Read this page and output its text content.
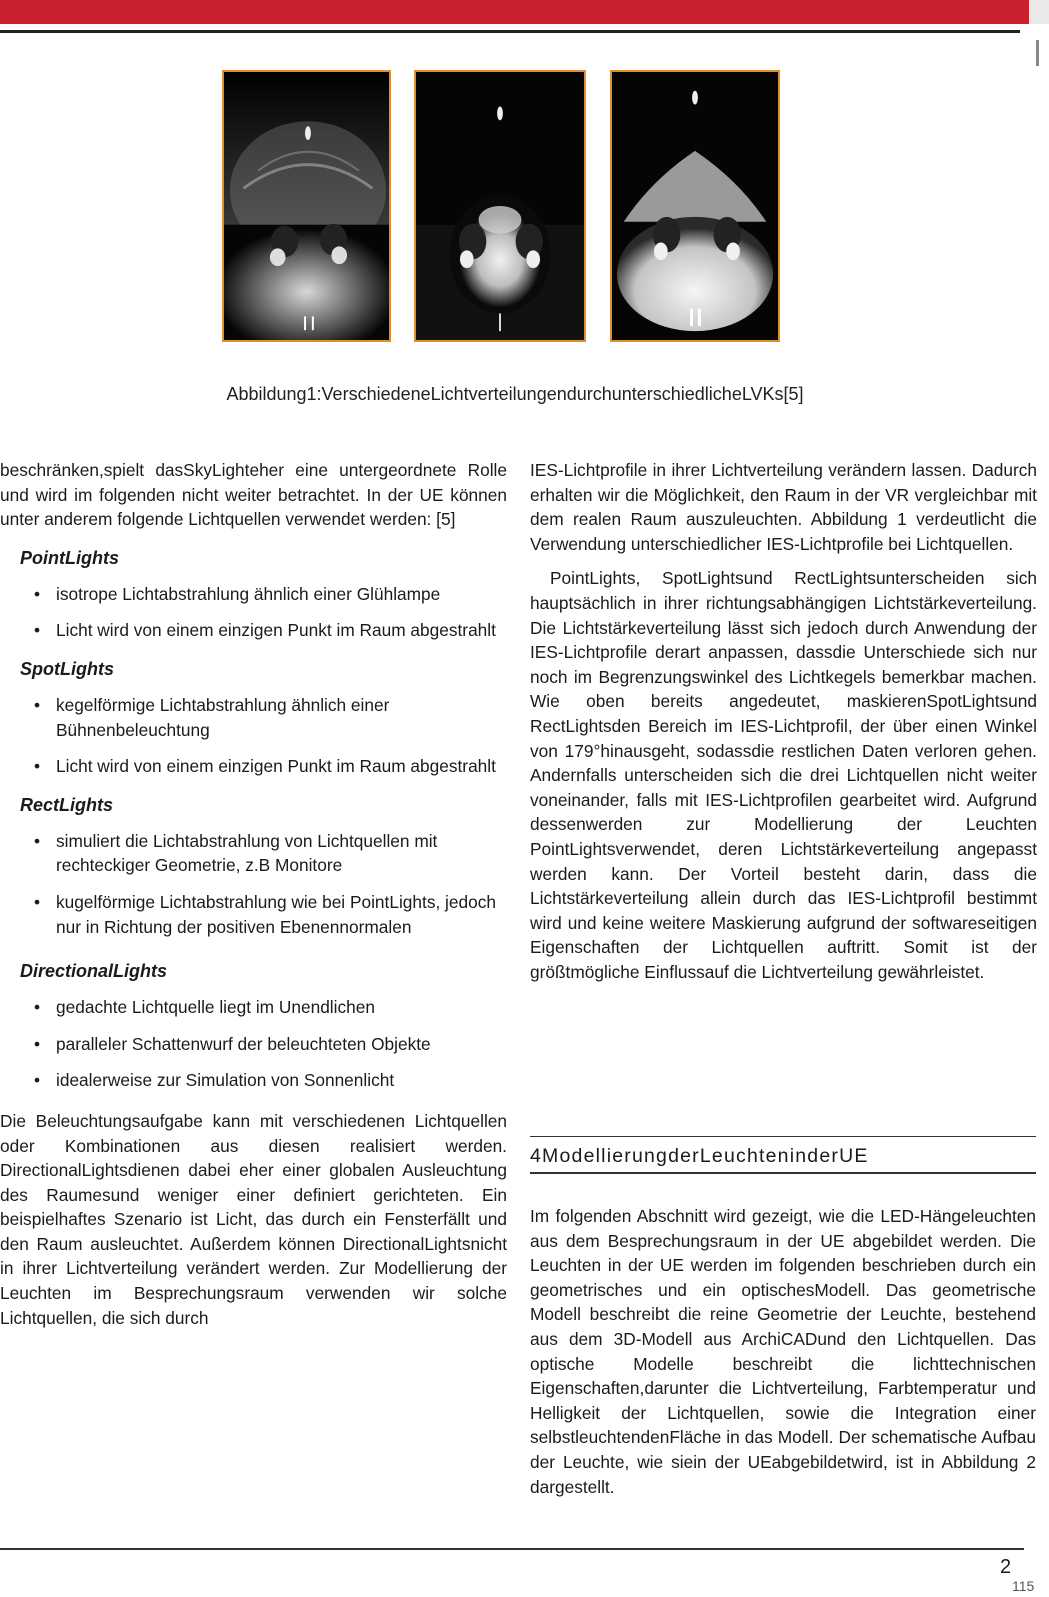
Abbildung1:VerschiedeneLichtverteilungendurchunterschiedlicheLVKs[5]

beschränken,spielt dasSkyLighteher eine untergeordnete Rolle und wird im folgenden nicht weiter betrachtet. In der UE können unter anderem folgende Lichtquellen verwendet werden: [5]

PointLights
• isotrope Lichtabstrahlung ähnlich einer Glühlampe
• Licht wird von einem einzigen Punkt im Raum abgestrahlt
SpotLights
• kegelförmige Lichtabstrahlung ähnlich einer Bühnenbeleuchtung
• Licht wird von einem einzigen Punkt im Raum abgestrahlt
RectLights
• simuliert die Lichtabstrahlung von Lichtquellen mit rechteckiger Geometrie, z.B Monitore
• kugelförmige Lichtabstrahlung wie bei PointLights, jedoch nur in Richtung der positiven Ebenennormalen
DirectionalLights
• gedachte Lichtquelle liegt im Unendlichen
• paralleler Schattenwurf der beleuchteten Objekte
• idealerweise zur Simulation von Sonnenlicht

Die Beleuchtungsaufgabe kann mit verschiedenen Lichtquellen oder Kombinationen aus diesen realisiert werden. DirectionalLightsdienen dabei eher einer globalen Ausleuchtung des Raumesund weniger einer definiert gerichteten. Ein beispielhaftes Szenario ist Licht, das durch ein Fensterfällt und den Raum ausleuchtet. Außerdem können DirectionalLightsnicht in ihrer Lichtverteilung verändert werden. Zur Modellierung der Leuchten im Besprechungsraum verwenden wir solche Lichtquellen, die sich durch

IES-Lichtprofile in ihrer Lichtverteilung verändern lassen. Dadurch erhalten wir die Möglichkeit, den Raum in der VR vergleichbar mit dem realen Raum auszuleuchten. Abbildung 1 verdeutlicht die Verwendung unterschiedlicher IES-Lichtprofile bei Lichtquellen.

PointLights, SpotLightsund RectLightsunterscheiden sich hauptsächlich in ihrer richtungsabhängigen Lichtstärkeverteilung. Die Lichtstärkeverteilung lässt sich jedoch durch Anwendung der IES-Lichtprofile derart anpassen, dassdie Unterschiede sich nur noch im Begrenzungswinkel des Lichtkegels bemerkbar machen. Wie oben bereits angedeutet, maskierenSpotLightsund RectLightsden Bereich im IES-Lichtprofil, der über einen Winkel von 179°hinausgeht, sodassdie restlichen Daten verloren gehen. Andernfalls unterscheiden sich die drei Lichtquellen nicht weiter voneinander, falls mit IES-Lichtprofilen gearbeitet wird. Aufgrund dessenwerden zur Modellierung der Leuchten PointLightsverwendet, deren Lichtstärkeverteilung angepasst werden kann. Der Vorteil besteht darin, dass die Lichtstärkeverteilung allein durch das IES-Lichtprofil bestimmt wird und keine weitere Maskierung aufgrund der softwareseitigen Eigenschaften der Lichtquellen auftritt. Somit ist der größtmögliche Einflussauf die Lichtverteilung gewährleistet.

4ModellierungderLeuchteninderUE

Im folgenden Abschnitt wird gezeigt, wie die LED-Hängeleuchten aus dem Besprechungsraum in der UE abgebildet werden. Die Leuchten in der UE werden im folgenden beschrieben durch ein geometrisches und ein optischesModell. Das geometrische Modell beschreibt die reine Geometrie der Leuchte, bestehend aus dem 3D-Modell aus ArchiCADund den Lichtquellen. Das optische Modelle beschreibt die lichttechnischen Eigenschaften,darunter die Lichtverteilung, Farbtemperatur und Helligkeit der Lichtquellen, sowie die Integration einer selbstleuchtendenFläche in das Modell. Der schematische Aufbau der Leuchte, wie siein der UEabgebildetwird, ist in Abbildung 2 dargestellt.

2
115
